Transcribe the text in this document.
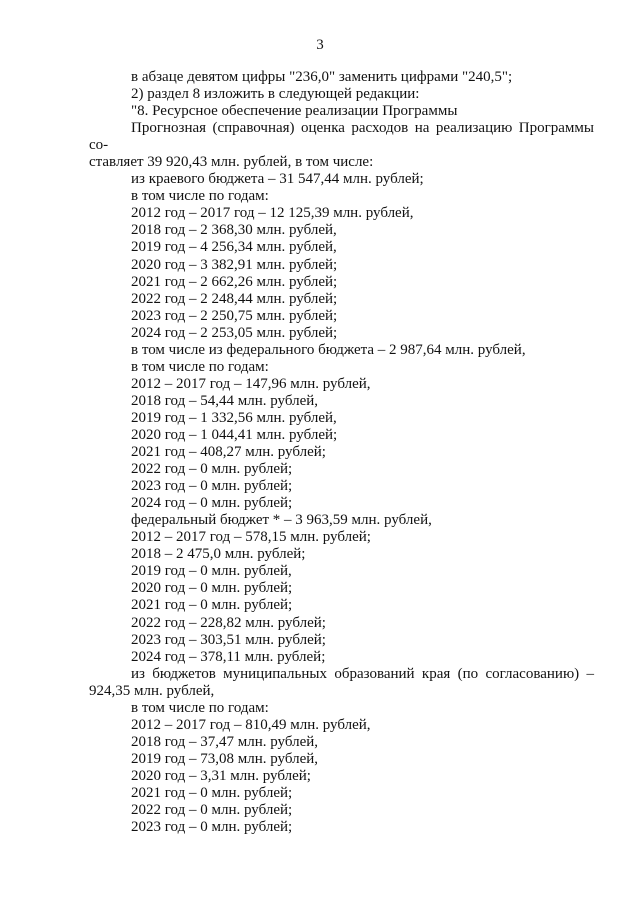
3

в абзаце девятом цифры "236,0" заменить цифрами "240,5";

2) раздел 8 изложить в следующей редакции:

"8. Ресурсное обеспечение реализации Программы

Прогнозная (справочная) оценка расходов на реализацию Программы со-

ставляет 39 920,43 млн. рублей, в том числе:

из краевого бюджета – 31 547,44 млн. рублей;

в том числе по годам:

2012 год – 2017 год – 12 125,39 млн. рублей,

2018 год – 2 368,30 млн. рублей,

2019 год – 4 256,34 млн. рублей,

2020 год – 3 382,91 млн. рублей;

2021 год – 2 662,26 млн. рублей;

2022 год – 2 248,44 млн. рублей;

2023 год – 2 250,75 млн. рублей;

2024 год – 2 253,05 млн. рублей;

в том числе из федерального бюджета – 2 987,64 млн. рублей,

в том числе по годам:

2012 – 2017 год – 147,96 млн. рублей,

2018 год – 54,44 млн. рублей,

2019 год – 1 332,56 млн. рублей,

2020 год – 1 044,41 млн. рублей;

2021 год – 408,27 млн. рублей;

2022 год – 0 млн. рублей;

2023 год – 0 млн. рублей;

2024 год – 0 млн. рублей;

федеральный бюджет * – 3 963,59 млн. рублей,

2012 – 2017 год – 578,15 млн. рублей;

2018 – 2 475,0 млн. рублей;

2019 год – 0 млн. рублей,

2020 год – 0 млн. рублей;

2021 год – 0 млн. рублей;

2022 год – 228,82 млн. рублей;

2023 год – 303,51 млн. рублей;

2024 год – 378,11 млн. рублей;

из бюджетов муниципальных образований края (по согласованию) –

924,35 млн. рублей,

в том числе по годам:

2012 – 2017 год – 810,49 млн. рублей,

2018 год – 37,47 млн. рублей,

2019 год – 73,08 млн. рублей,

2020 год – 3,31 млн. рублей;

2021 год – 0 млн. рублей;

2022 год – 0 млн. рублей;

2023 год – 0 млн. рублей;
